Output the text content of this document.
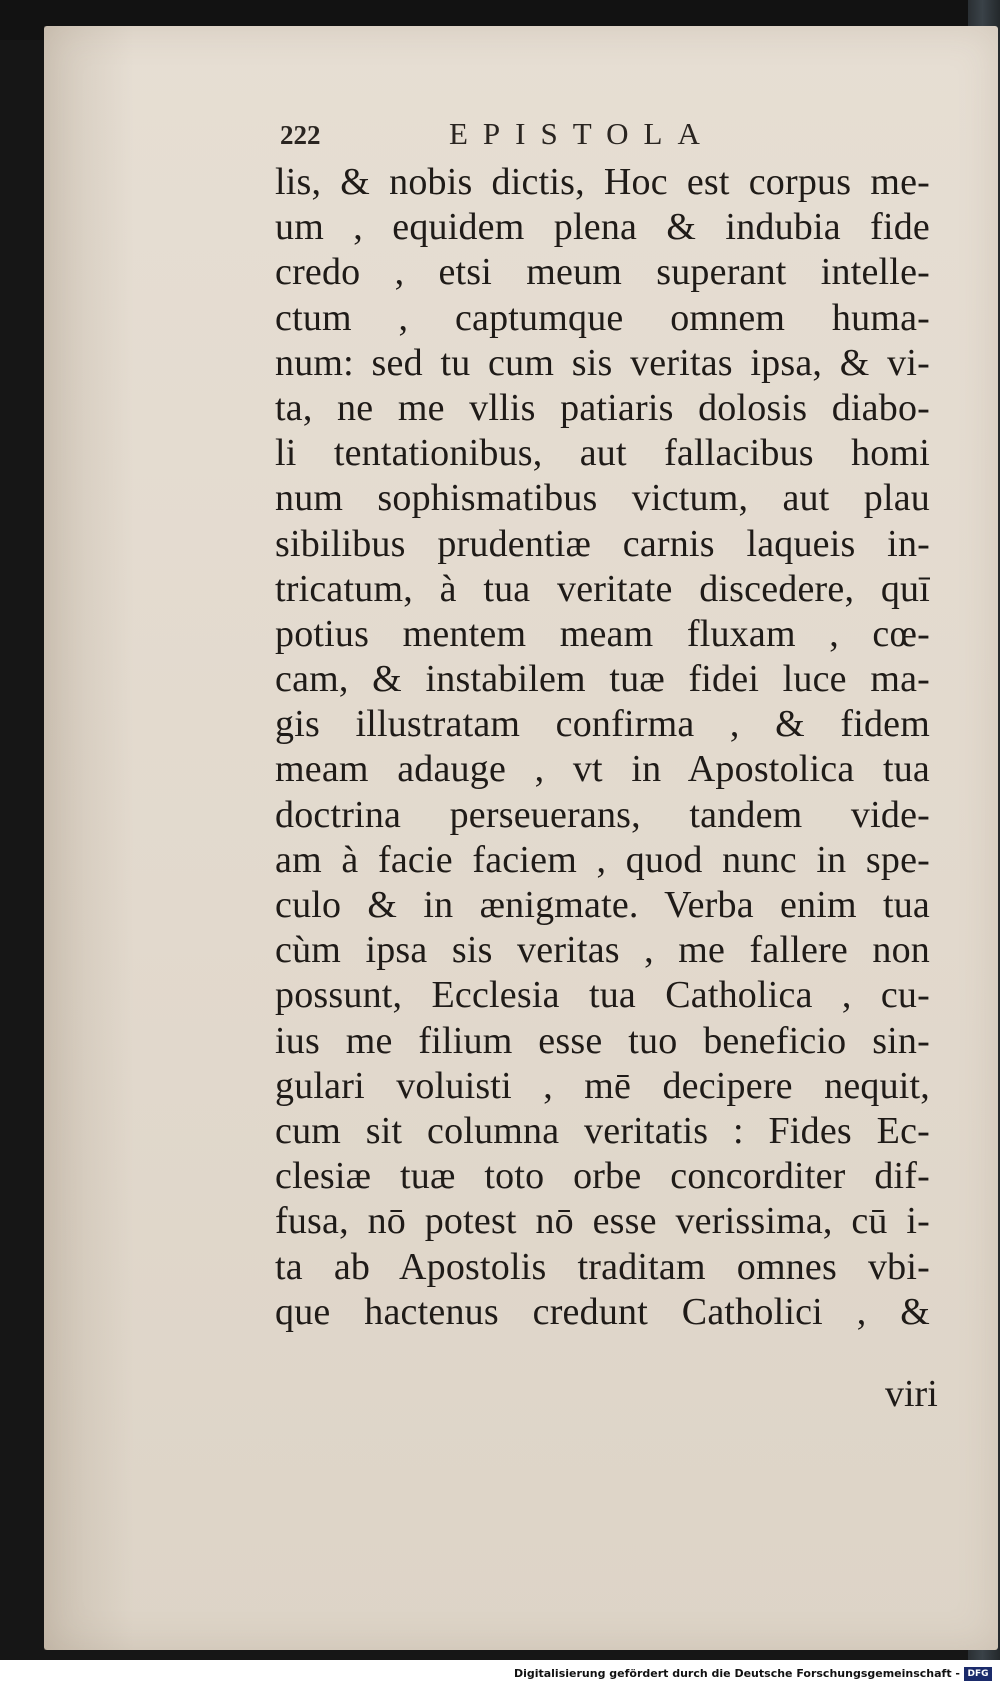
222	EPISTOLA
lis, & nobis dictis, Hoc est corpus me-
um , equidem plena & indubia fide
credo , etsi meum superant intelle-
ctum , captumque omnem huma-
num: sed tu cum sis veritas ipsa, & vi-
ta, ne me vllis patiaris dolosis diabo-
li tentationibus, aut fallacibus homi
num sophismatibus victum, aut plau
sibilibus prudentiæ carnis laqueis in-
tricatum, à tua veritate discedere, quī
potius mentem meam fluxam , cœ-
cam, & instabilem tuæ fidei luce ma-
gis illustratam confirma , & fidem
meam adauge , vt in Apostolica tua
doctrina perseuerans, tandem vide-
am à facie faciem , quod nunc in spe-
culo & in ænigmate. Verba enim tua
cùm ipsa sis veritas , me fallere non
possunt, Ecclesia tua Catholica , cu-
ius me filium esse tuo beneficio sin-
gulari voluisti , mē decipere nequit,
cum sit columna veritatis : Fides Ec-
clesiæ tuæ toto orbe concorditer dif-
fusa, nō potest nō esse verissima, cū i-
ta ab Apostolis traditam omnes vbi-
que hactenus credunt Catholici , &
viri
Digitalisierung gefördert durch die Deutsche Forschungsgemeinschaft - DFG
